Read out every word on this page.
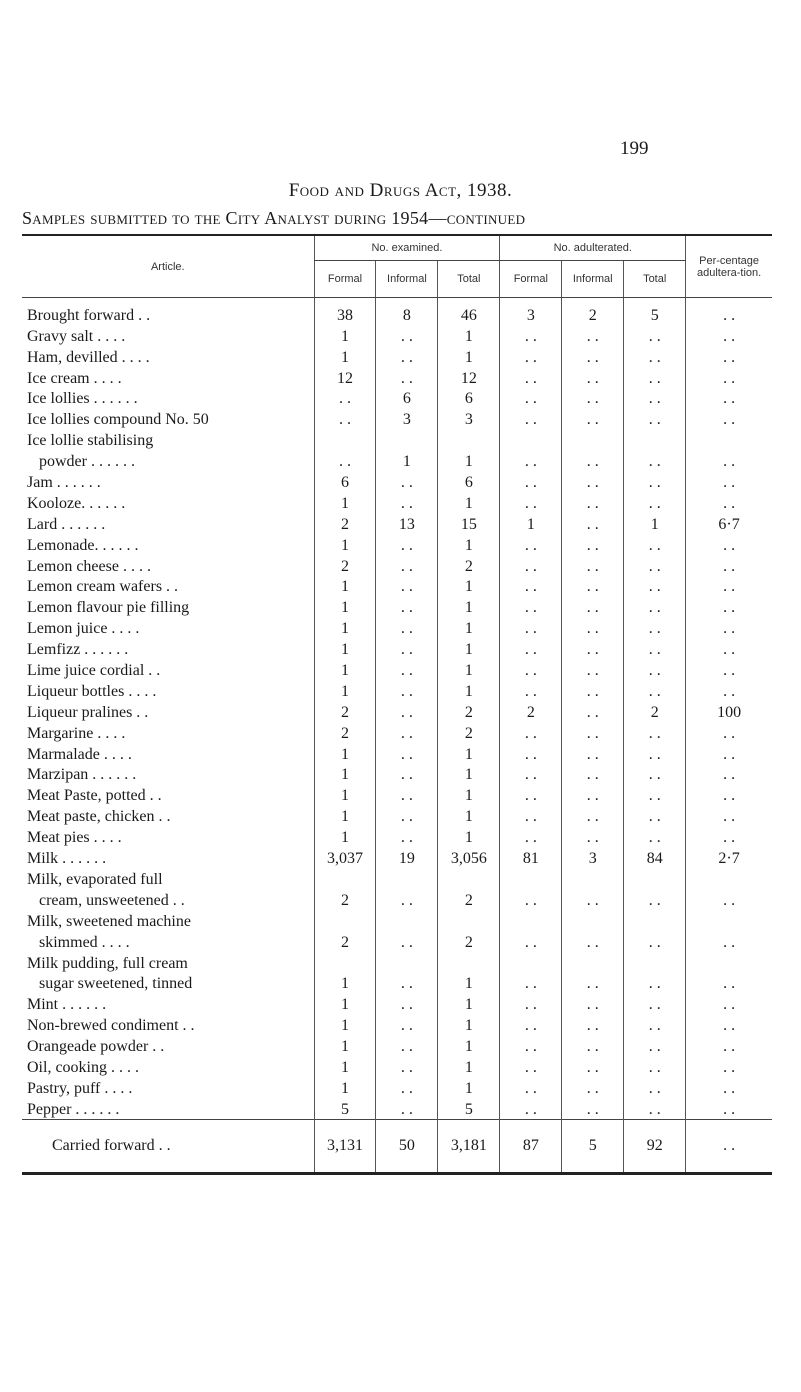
199
Food and Drugs Act, 1938.
Samples submitted to the City Analyst during 1954—continued
Article.	No. examined.			No. adulterated.			Per-centage adultera-tion.
	Formal	Informal	Total	Formal	Informal	Total	
Brought forward . .	38	8	46	3	2	5	. .
Gravy salt . . . .	1	. .	1	. .	. .	. .	. .
Ham, devilled . . . .	1	. .	1	. .	. .	. .	. .
Ice cream . . . .	12	. .	12	. .	. .	. .	. .
Ice lollies . . . . . .	. .	6	6	. .	. .	. .	. .
Ice lollies compound No. 50	. .	3	3	. .	. .	. .	. .
Ice lollie stabilising							
powder . . . . . .	. .	1	1	. .	. .	. .	. .
Jam . . . . . .	6	. .	6	. .	. .	. .	. .
Kooloze. . . . . .	1	. .	1	. .	. .	. .	. .
Lard . . . . . .	2	13	15	1	. .	1	6·7
Lemonade. . . . . .	1	. .	1	. .	. .	. .	. .
Lemon cheese . . . .	2	. .	2	. .	. .	. .	. .
Lemon cream wafers . .	1	. .	1	. .	. .	. .	. .
Lemon flavour pie filling	1	. .	1	. .	. .	. .	. .
Lemon juice . . . .	1	. .	1	. .	. .	. .	. .
Lemfizz . . . . . .	1	. .	1	. .	. .	. .	. .
Lime juice cordial . .	1	. .	1	. .	. .	. .	. .
Liqueur bottles . . . .	1	. .	1	. .	. .	. .	. .
Liqueur pralines . .	2	. .	2	2	. .	2	100
Margarine . . . .	2	. .	2	. .	. .	. .	. .
Marmalade . . . .	1	. .	1	. .	. .	. .	. .
Marzipan . . . . . .	1	. .	1	. .	. .	. .	. .
Meat Paste, potted . .	1	. .	1	. .	. .	. .	. .
Meat paste, chicken . .	1	. .	1	. .	. .	. .	. .
Meat pies . . . .	1	. .	1	. .	. .	. .	. .
Milk . . . . . .	3,037	19	3,056	81	3	84	2·7
Milk, evaporated full							
cream, unsweetened . .	2	. .	2	. .	. .	. .	. .
Milk, sweetened machine							
skimmed . . . .	2	. .	2	. .	. .	. .	. .
Milk pudding, full cream							
sugar sweetened, tinned	1	. .	1	. .	. .	. .	. .
Mint . . . . . .	1	. .	1	. .	. .	. .	. .
Non-brewed condiment . .	1	. .	1	. .	. .	. .	. .
Orangeade powder . .	1	. .	1	. .	. .	. .	. .
Oil, cooking . . . .	1	. .	1	. .	. .	. .	. .
Pastry, puff . . . .	1	. .	1	. .	. .	. .	. .
Pepper . . . . . .	5	. .	5	. .	. .	. .	. .
Carried forward . .	3,131	50	3,181	87	5	92	. .
